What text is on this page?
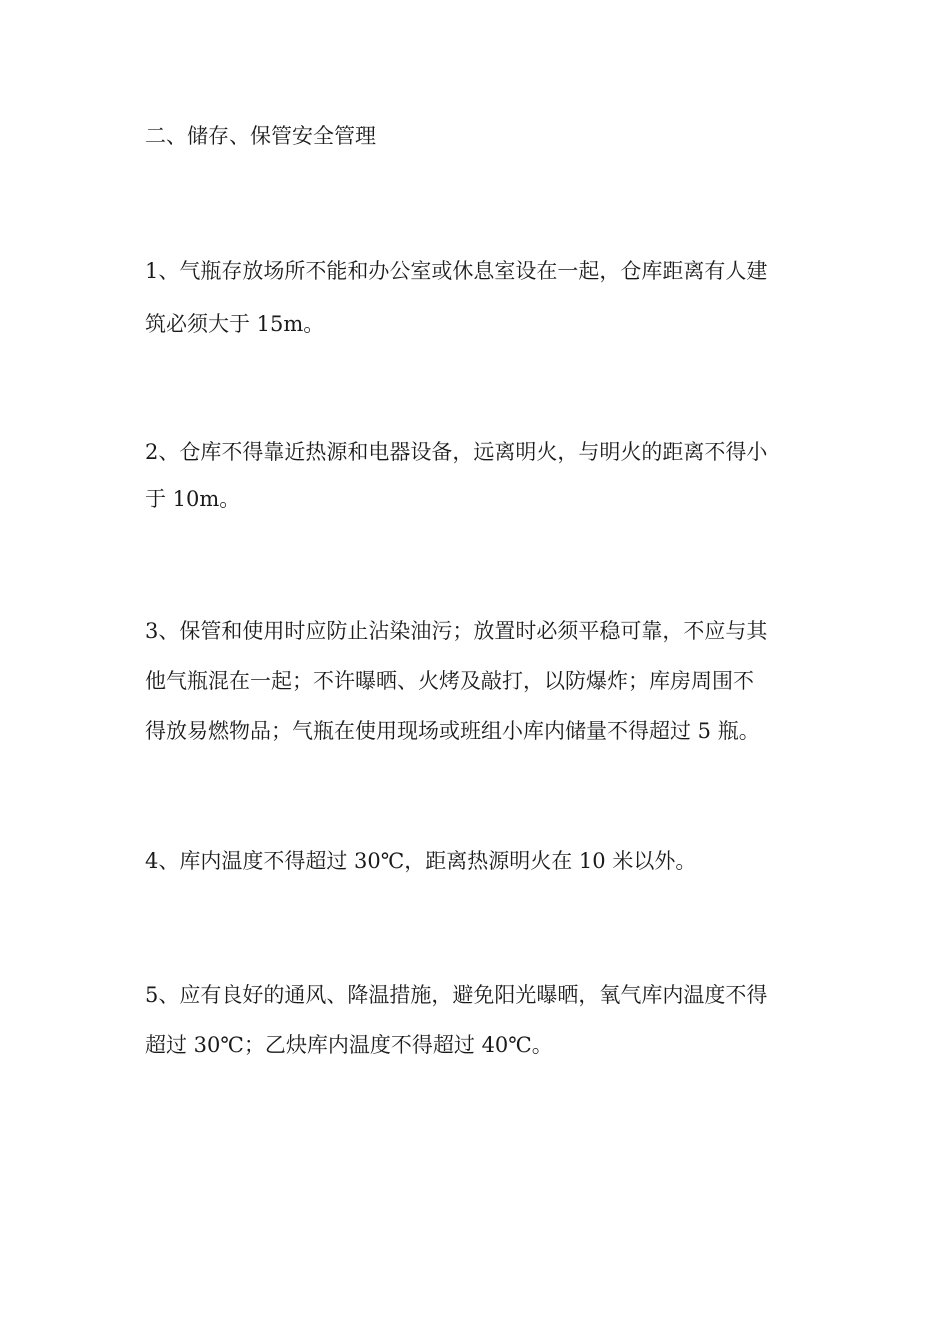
二、储存、保管安全管理

1、气瓶存放场所不能和办公室或休息室设在一起，仓库距离有人建

筑必须大于 15m。

2、仓库不得靠近热源和电器设备，远离明火，与明火的距离不得小

于 10m。

3、保管和使用时应防止沾染油污；放置时必须平稳可靠，不应与其

他气瓶混在一起；不许曝晒、火烤及敲打，以防爆炸；库房周围不

得放易燃物品；气瓶在使用现场或班组小库内储量不得超过 5 瓶。

4、库内温度不得超过 30℃，距离热源明火在 10 米以外。

5、应有良好的通风、降温措施，避免阳光曝晒，氧气库内温度不得

超过 30℃；乙炔库内温度不得超过 40℃。
